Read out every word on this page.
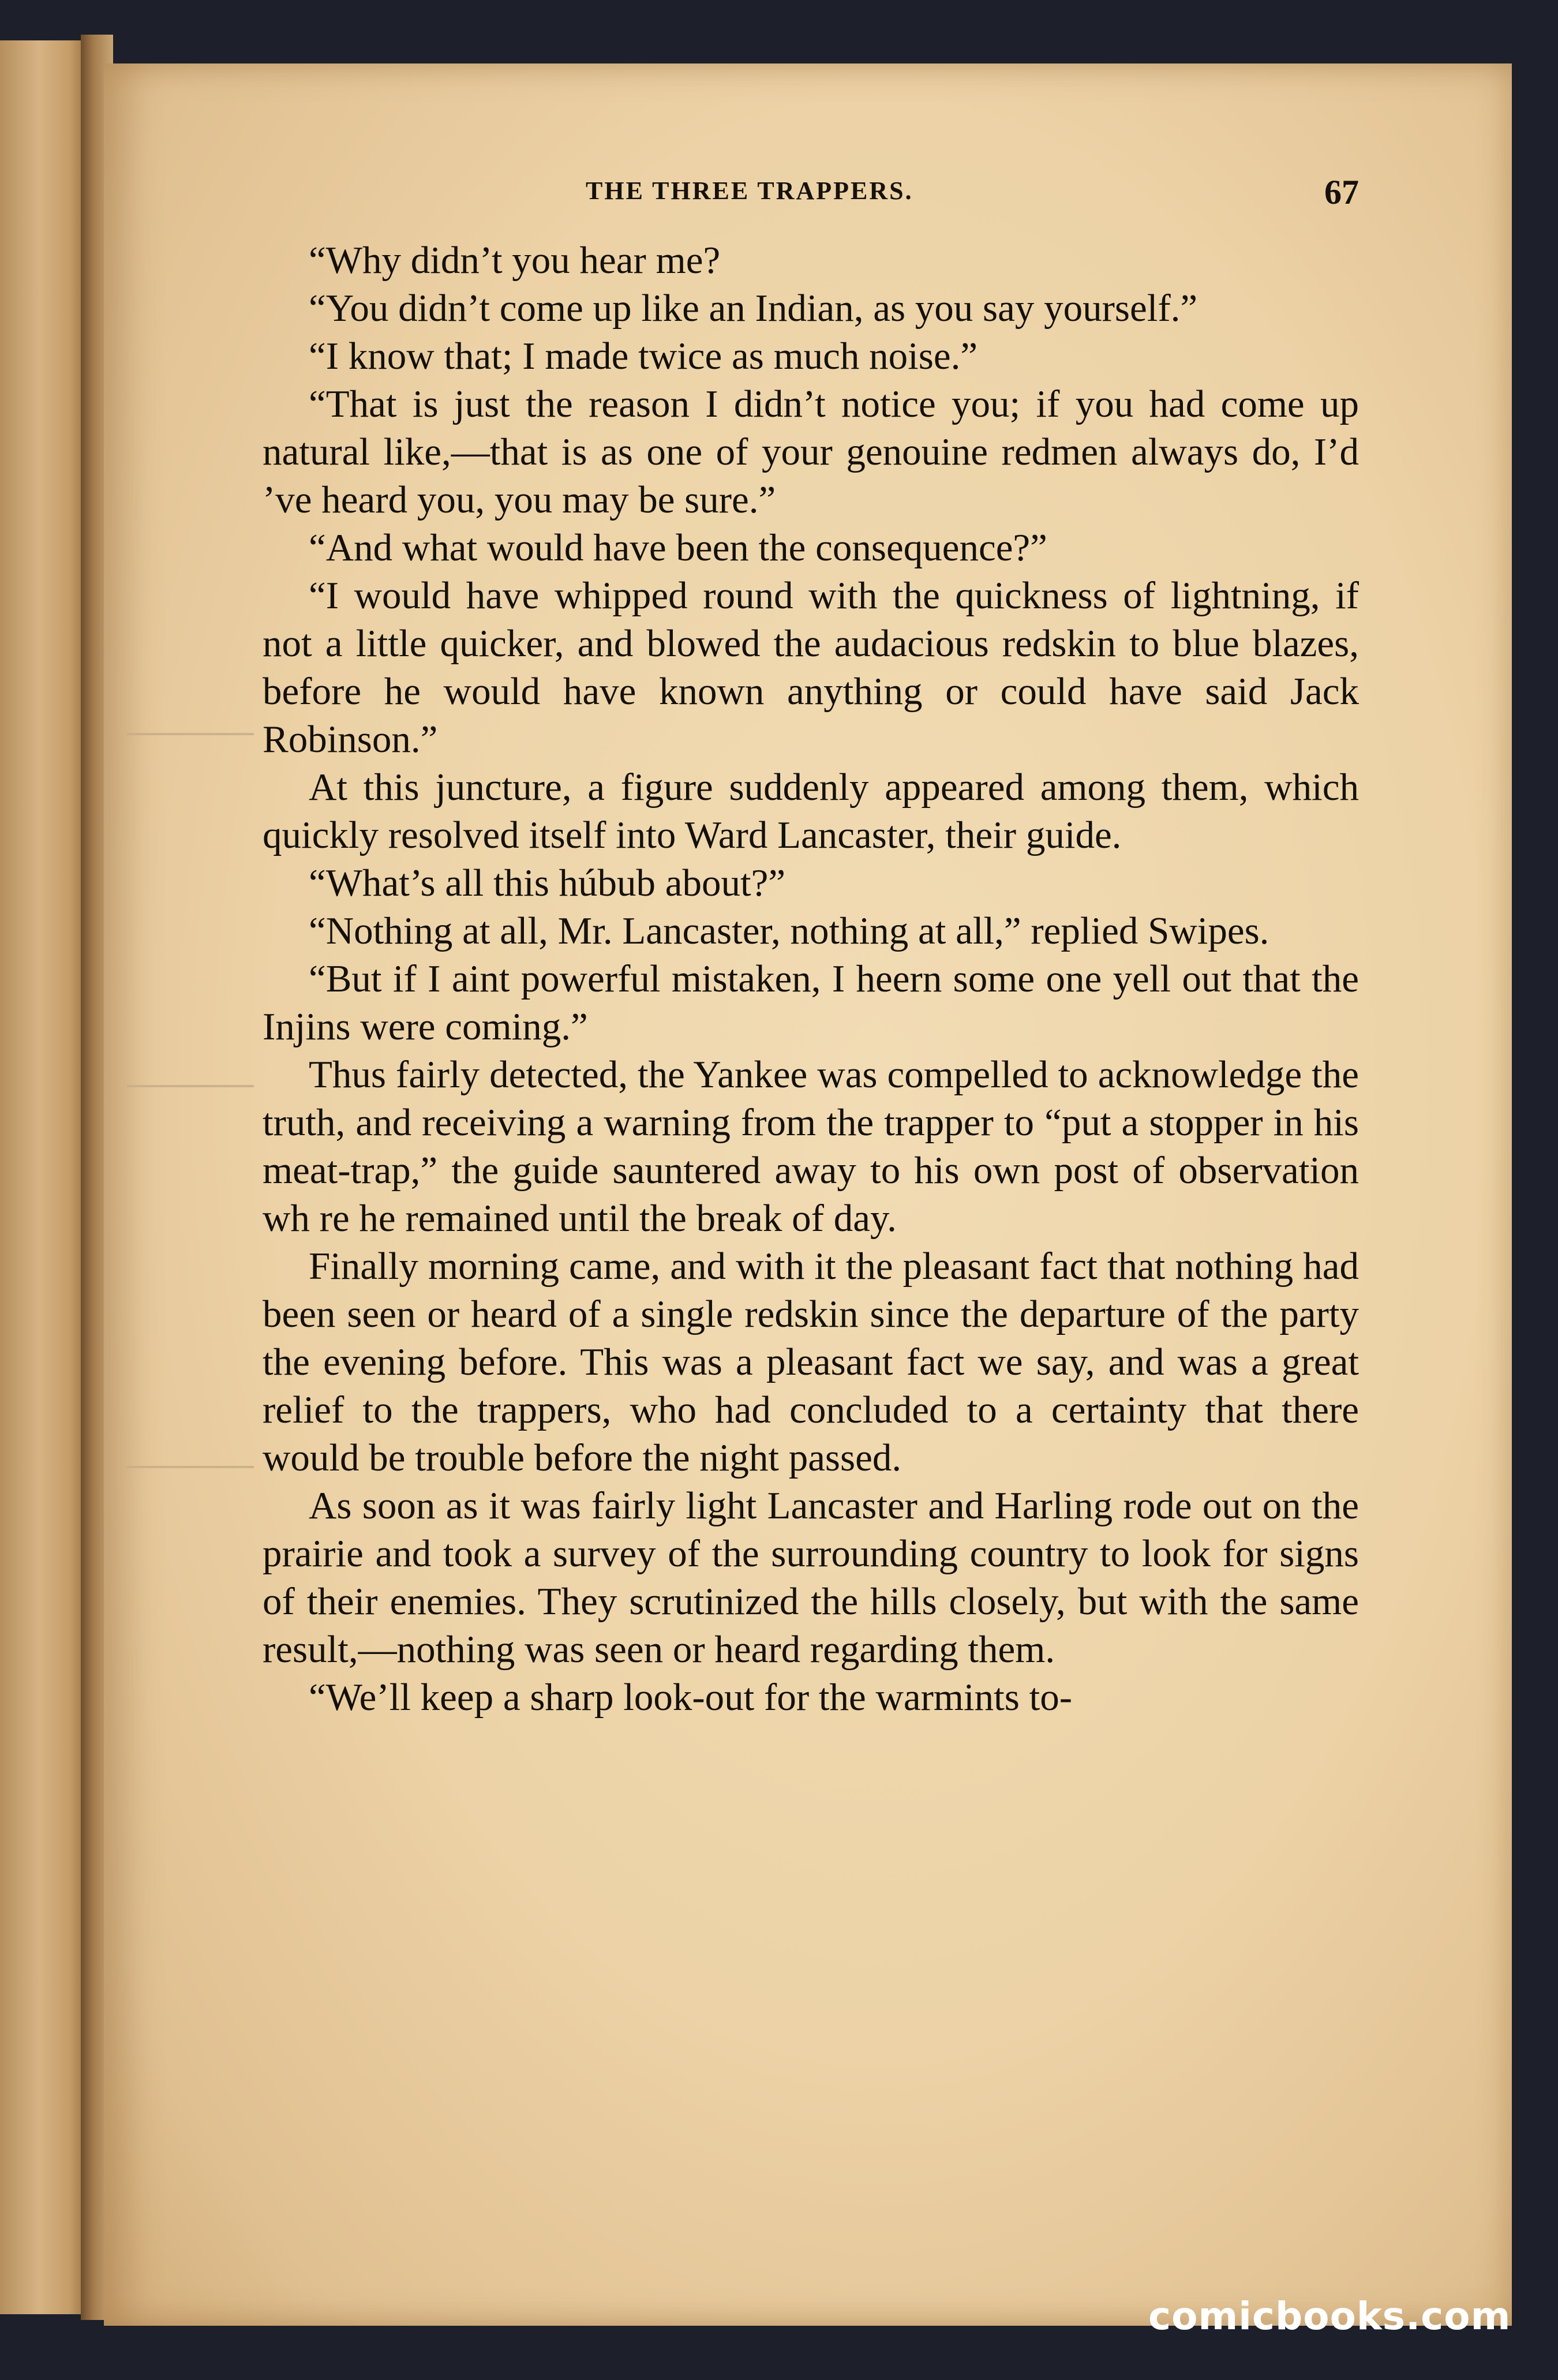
THE THREE TRAPPERS.	67

“Why didn’t you hear me?

“You didn’t come up like an Indian, as you say yourself.”

“I know that; I made twice as much noise.”

“That is just the reason I didn’t notice you; if you had come up natural like,—that is as one of your genouine redmen always do, I’d ’ve heard you, you may be sure.”

“And what would have been the consequence?”

“I would have whipped round with the quickness of lightning, if not a little quicker, and blowed the audacious redskin to blue blazes, before he would have known anything or could have said Jack Robinson.”

At this juncture, a figure suddenly appeared among them, which quickly resolved itself into Ward Lancaster, their guide.

“What’s all this húbub about?”

“Nothing at all, Mr. Lancaster, nothing at all,” replied Swipes.

“But if I aint powerful mistaken, I heern some one yell out that the Injins were coming.”

Thus fairly detected, the Yankee was compelled to acknowledge the truth, and receiving a warning from the trapper to “put a stopper in his meat-trap,” the guide sauntered away to his own post of observation wh re he remained until the break of day.

Finally morning came, and with it the pleasant fact that nothing had been seen or heard of a single redskin since the departure of the party the evening before. This was a pleasant fact we say, and was a great relief to the trappers, who had concluded to a certainty that there would be trouble before the night passed.

As soon as it was fairly light Lancaster and Harling rode out on the prairie and took a survey of the surrounding country to look for signs of their enemies. They scrutinized the hills closely, but with the same result,—nothing was seen or heard regarding them.

“We’ll keep a sharp look-out for the warmints to-

comicbooks.com
